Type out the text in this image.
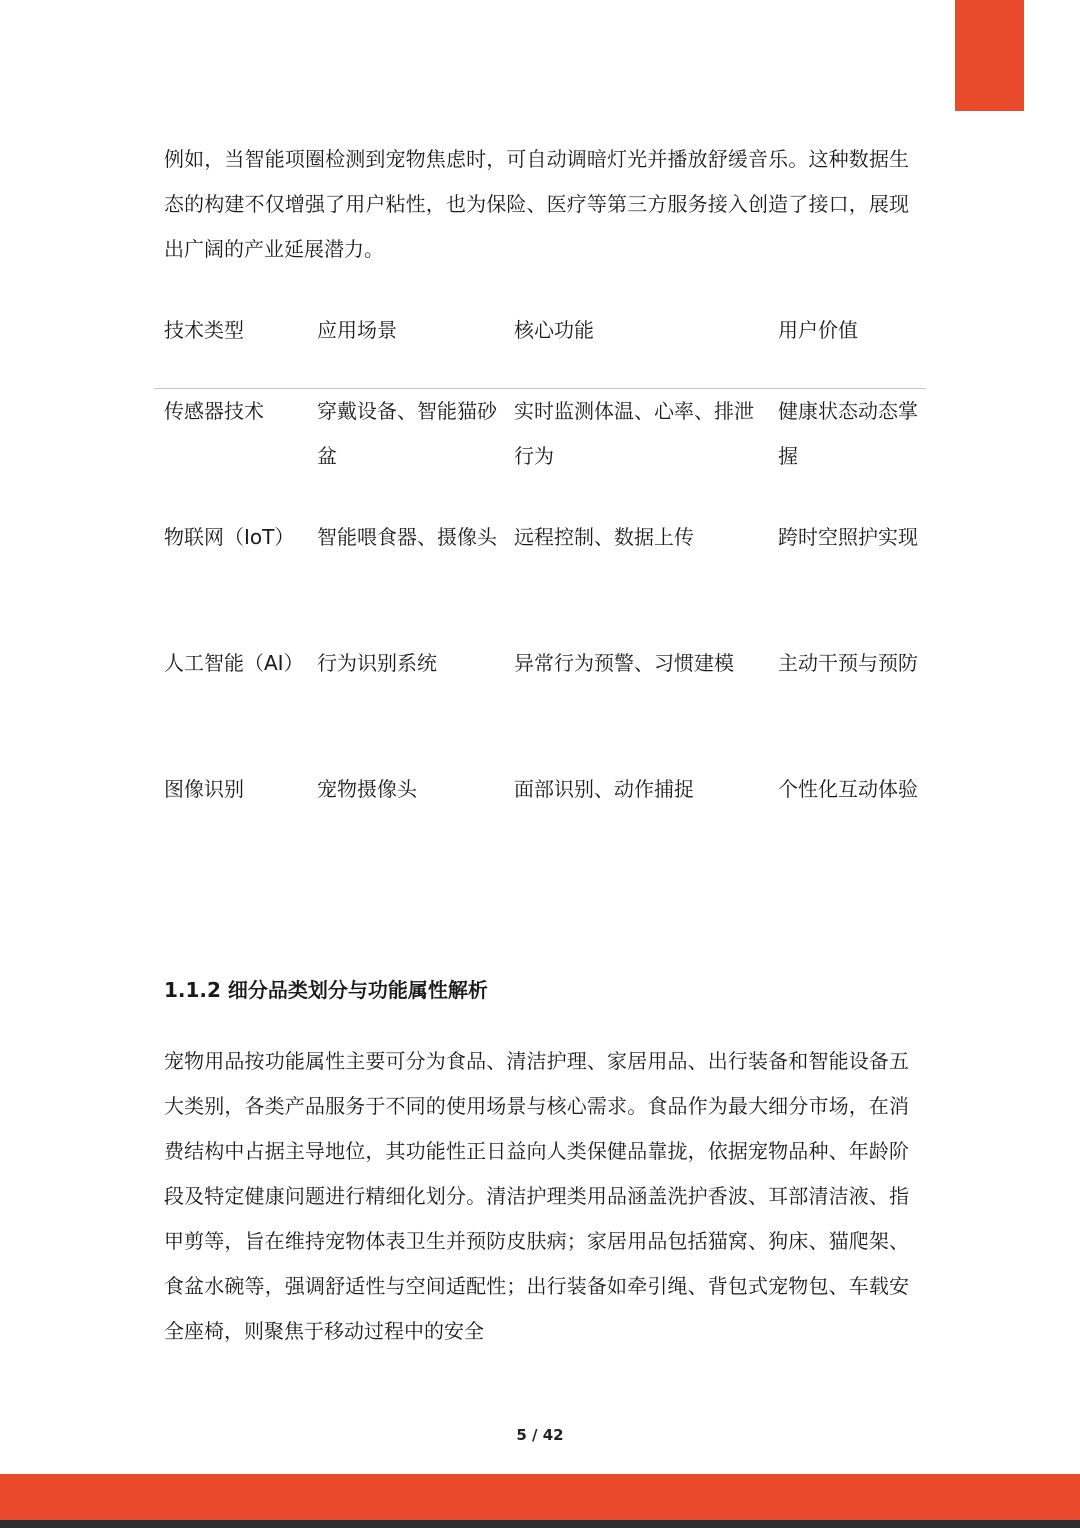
例如，当智能项圈检测到宠物焦虑时，可自动调暗灯光并播放舒缓音乐。这种数据生态的构建不仅增强了用户粘性，也为保险、医疗等第三方服务接入创造了接口，展现出广阔的产业延展潜力。

技术类型	应用场景	核心功能	用户价值
传感器技术	穿戴设备、智能猫砂盆	实时监测体温、心率、排泄行为	健康状态动态掌握
物联网（IoT）	智能喂食器、摄像头	远程控制、数据上传	跨时空照护实现
人工智能（AI）	行为识别系统	异常行为预警、习惯建模	主动干预与预防
图像识别	宠物摄像头	面部识别、动作捕捉	个性化互动体验
1.1.2 细分品类划分与功能属性解析

宠物用品按功能属性主要可分为食品、清洁护理、家居用品、出行装备和智能设备五大类别，各类产品服务于不同的使用场景与核心需求。食品作为最大细分市场，在消费结构中占据主导地位，其功能性正日益向人类保健品靠拢，依据宠物品种、年龄阶段及特定健康问题进行精细化划分。清洁护理类用品涵盖洗护香波、耳部清洁液、指甲剪等，旨在维持宠物体表卫生并预防皮肤病；家居用品包括猫窝、狗床、猫爬架、食盆水碗等，强调舒适性与空间适配性；出行装备如牵引绳、背包式宠物包、车载安全座椅，则聚焦于移动过程中的安全

5 / 42
